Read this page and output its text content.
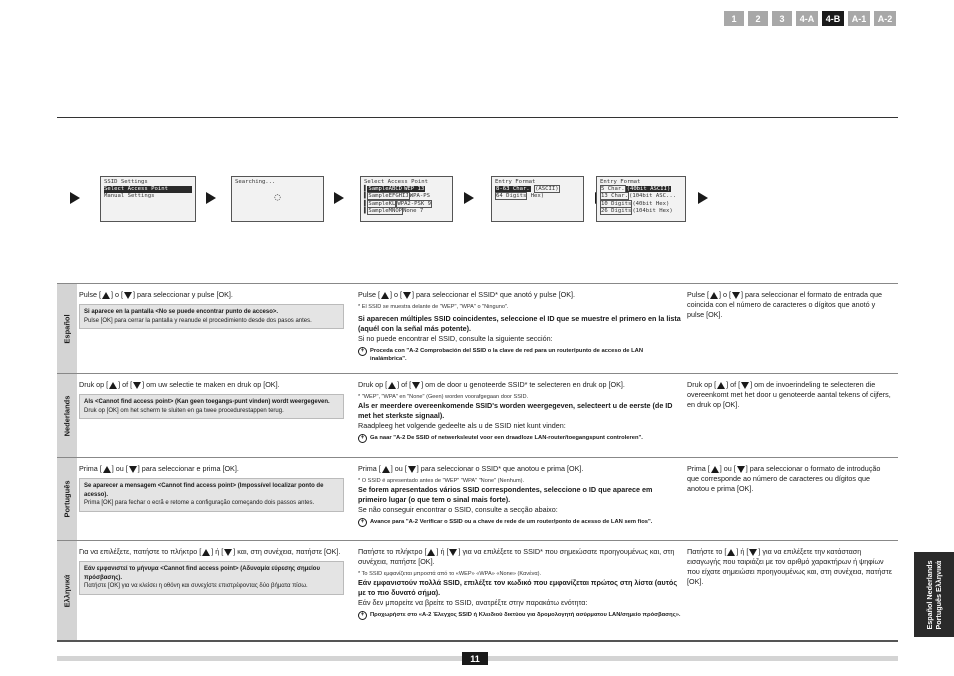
1	2	3	4-A	4-B	A-1	A-2
SSID Settings
Select Access Point
Manual Settings
Searching...
◌
Select Access Point
▌SampleABCD WEP 13
▌SampleEFGHIJWPA-PS
▌SampleKL WPA2-PSK 9
▌SampleMNOPNone 7
Entry Format
8-63 Char. (ASCII)
64 Digits Hex)
Entry Format
5 Char. (40bit ASCII)
13 Char.(104bit ASC...
10 Digits(40bit Hex)
26 Digits(104bit Hex)
Español
Pulse [ ] o [ ] para seleccionar y pulse [OK].
Si aparece en la pantalla <No se puede encontrar punto de acceso>.
Pulse [OK] para cerrar la pantalla y reanude el procedimiento desde dos pasos antes.
Pulse [ ] o [ ] para seleccionar el SSID* que anotó y pulse [OK].
* El SSID se muestra delante de "WEP", "WPA" o "Ninguno".
Si aparecen múltiples SSID coincidentes, seleccione el ID que se muestre el primero en la lista (aquél con la señal más potente).
Si no puede encontrar el SSID, consulte la siguiente sección:
+ Proceda con "A-2 Comprobación del SSID o la clave de red para un router/punto de acceso de LAN inalámbrica".
Pulse [ ] o [ ] para seleccionar el formato de entrada que coincida con el número de caracteres o dígitos que anotó y pulse [OK].
Nederlands
Druk op [ ] of [ ] om uw selectie te maken en druk op [OK].
Als <Cannot find access point> (Kan geen toegangs-punt vinden) wordt weergegeven.
Druk op [OK] om het scherm te sluiten en ga twee procedurestappen terug.
Druk op [ ] of [ ] om de door u genoteerde SSID* te selecteren en druk op [OK].
* "WEP", "WPA" en "None" (Geen) worden voorafgegaan door SSID.
Als er meerdere overeenkomende SSID's worden weergegeven, selecteert u de eerste (de ID met het sterkste signaal).
Raadpleeg het volgende gedeelte als u de SSID niet kunt vinden:
+ Ga naar "A-2 De SSID of netwerksleutel voor een draadloze LAN-router/toegangspunt controleren".
Druk op [ ] of [ ] om de invoerindeling te selecteren die overeenkomt met het door u genoteerde aantal tekens of cijfers, en druk op [OK].
Português
Prima [ ] ou [ ] para seleccionar e prima [OK].
Se aparecer a mensagem <Cannot find access point> (Impossível localizar ponto de acesso).
Prima [OK] para fechar o ecrã e retome a configuração começando dois passos antes.
Prima [ ] ou [ ] para seleccionar o SSID* que anotou e prima [OK].
* O SSID é apresentado antes de "WEP" "WPA" "None" (Nenhum).
Se forem apresentados vários SSID correspondentes, seleccione o ID que aparece em primeiro lugar (o que tem o sinal mais forte).
Se não conseguir encontrar o SSID, consulte a secção abaixo:
+ Avance para "A-2 Verificar o SSID ou a chave de rede de um router/ponto de acesso de LAN sem fios".
Prima [ ] ou [ ] para seleccionar o formato de introdução que corresponde ao número de caracteres ou dígitos que anotou e prima [OK].
Ελληνικά
Για να επιλέξετε, πατήστε το πλήκτρο [ ] ή [ ] και, στη συνέχεια, πατήστε [OK].
Εάν εμφανιστεί το μήνυμα <Cannot find access point> (Αδυναμία εύρεσης σημείου πρόσβασης).
Πατήστε [OK] για να κλείσει η οθόνη και συνεχίστε επιστρέφοντας δύο βήματα πίσω.
Πατήστε το πλήκτρο [ ] ή [ ] για να επιλέξετε το SSID* που σημειώσατε προηγουμένως και, στη συνέχεια, πατήστε [OK].
* Το SSID εμφανίζεται μπροστά από το «WEP» «WPA» «None» (Κανένα).
Εάν εμφανιστούν πολλά SSID, επιλέξτε τον κωδικό που εμφανίζεται πρώτος στη λίστα (αυτός με το πιο δυνατό σήμα).
Εάν δεν μπορείτε να βρείτε το SSID, ανατρέξτε στην παρακάτω ενότητα:
+ Προχωρήστε στο «A-2 Έλεγχος SSID ή Κλειδιού δικτύου για δρομολογητή ασύρματου LAN/σημείο πρόσβασης».
Πατήστε το [ ] ή [ ] για να επιλέξετε την κατάσταση εισαγωγής που ταιριάζει με τον αριθμό χαρακτήρων ή ψηφίων που είχατε σημειώσει προηγουμένως και, στη συνέχεια, πατήστε [OK].
11
Español Nederlands Português Ελληνικά
